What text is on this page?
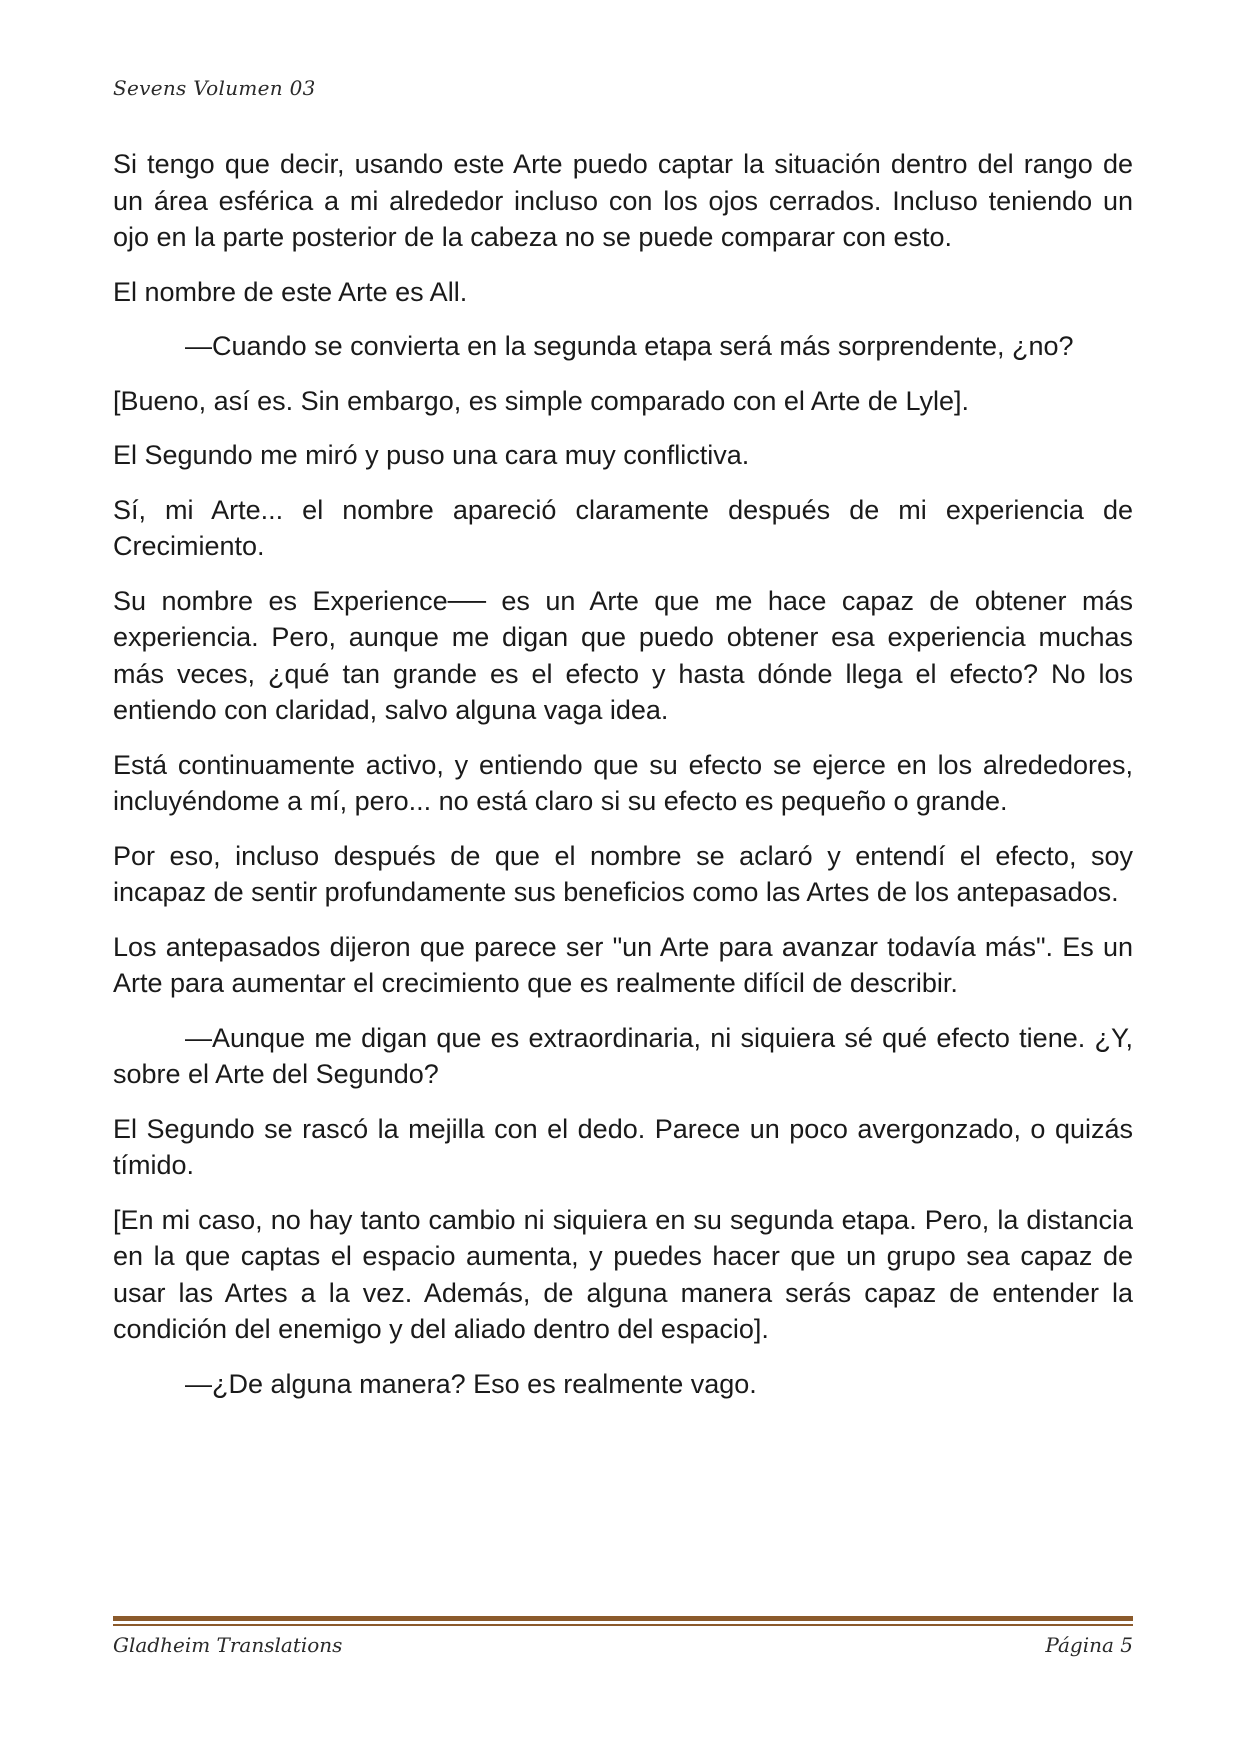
Sevens Volumen 03

Si tengo que decir, usando este Arte puedo captar la situación dentro del rango de un área esférica a mi alrededor incluso con los ojos cerrados. Incluso teniendo un ojo en la parte posterior de la cabeza no se puede comparar con esto.

El nombre de este Arte es All.

—Cuando se convierta en la segunda etapa será más sorprendente, ¿no?

[Bueno, así es. Sin embargo, es simple comparado con el Arte de Lyle].

El Segundo me miró y puso una cara muy conflictiva.

Sí, mi Arte... el nombre apareció claramente después de mi experiencia de Crecimiento.

Su nombre es Experience── es un Arte que me hace capaz de obtener más experiencia. Pero, aunque me digan que puedo obtener esa experiencia muchas más veces, ¿qué tan grande es el efecto y hasta dónde llega el efecto? No los entiendo con claridad, salvo alguna vaga idea.

Está continuamente activo, y entiendo que su efecto se ejerce en los alrededores, incluyéndome a mí, pero... no está claro si su efecto es pequeño o grande.

Por eso, incluso después de que el nombre se aclaró y entendí el efecto, soy incapaz de sentir profundamente sus beneficios como las Artes de los antepasados.

Los antepasados dijeron que parece ser "un Arte para avanzar todavía más". Es un Arte para aumentar el crecimiento que es realmente difícil de describir.

—Aunque me digan que es extraordinaria, ni siquiera sé qué efecto tiene. ¿Y, sobre el Arte del Segundo?

El Segundo se rascó la mejilla con el dedo. Parece un poco avergonzado, o quizás tímido.

[En mi caso, no hay tanto cambio ni siquiera en su segunda etapa. Pero, la distancia en la que captas el espacio aumenta, y puedes hacer que un grupo sea capaz de usar las Artes a la vez. Además, de alguna manera serás capaz de entender la condición del enemigo y del aliado dentro del espacio].

—¿De alguna manera? Eso es realmente vago.

Gladheim Translations	Página 5
